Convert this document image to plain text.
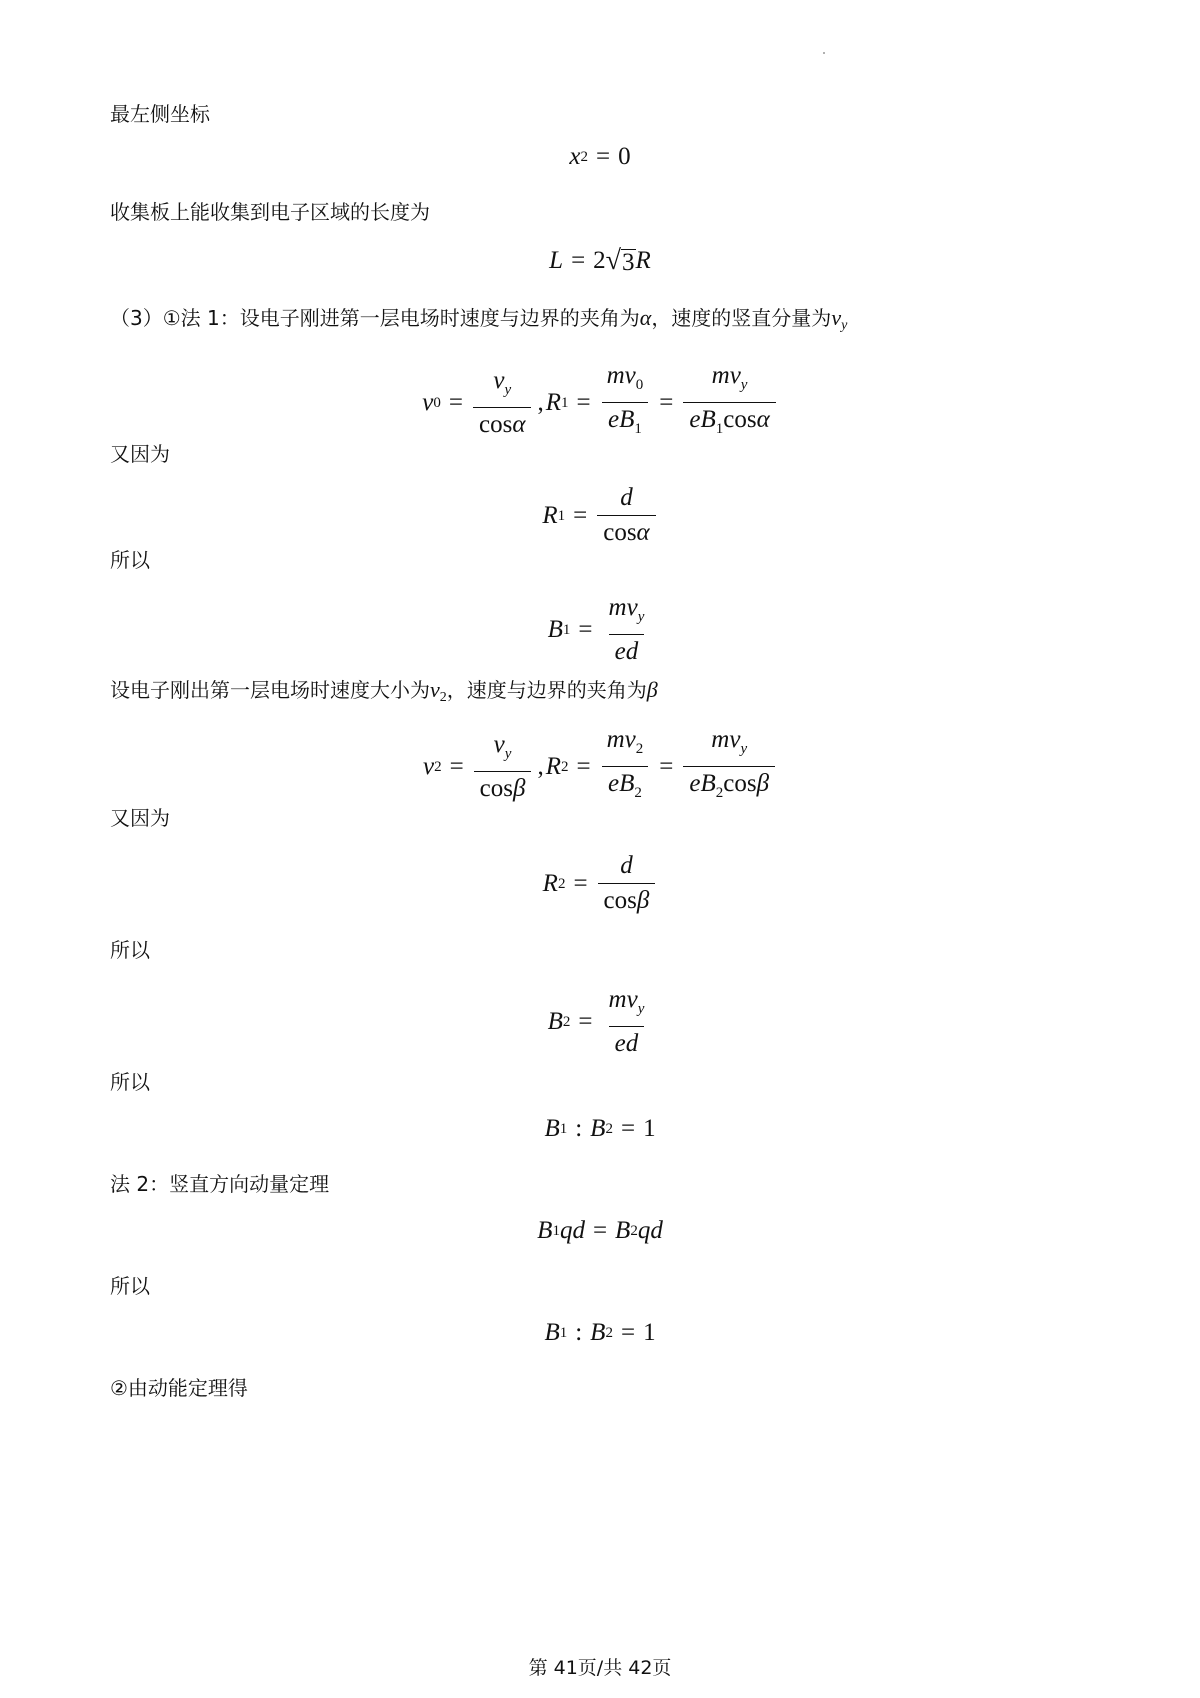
最左侧坐标
x 2 = 0
收集板上能收集到电子区域的长度为
L = 2 √ 3 R
（3）①法 1：设电子刚进第一层电场时速度与边界的夹角为α，速度的竖直分量为$v_y$
v $0 = \frac{v_y}{\cos\alpha}$ , R $1 = \frac{mv_0}{eB_1} = \frac{mv_y}{eB_1\cos\alpha}$
又因为
R $1 = \frac{d}{\cos\alpha}$
所以
B $1 = \frac{mv_y}{ed}$
设电子刚出第一层电场时速度大小为$v_2$，速度与边界的夹角为β
v $2 = \frac{v_y}{\cos\beta}$ , R $2 = \frac{mv_2}{eB_2} = \frac{mv_y}{eB_2\cos\beta}$
又因为
R $2 = \frac{d}{\cos\beta}$
所以
B $2 = \frac{mv_y}{ed}$
所以
B 1 : B 2 = 1
法 2：竖直方向动量定理
B 1 q d = B 2 q d
所以
B 1 : B 2 = 1
②由动能定理得
第 41页/共 42页
